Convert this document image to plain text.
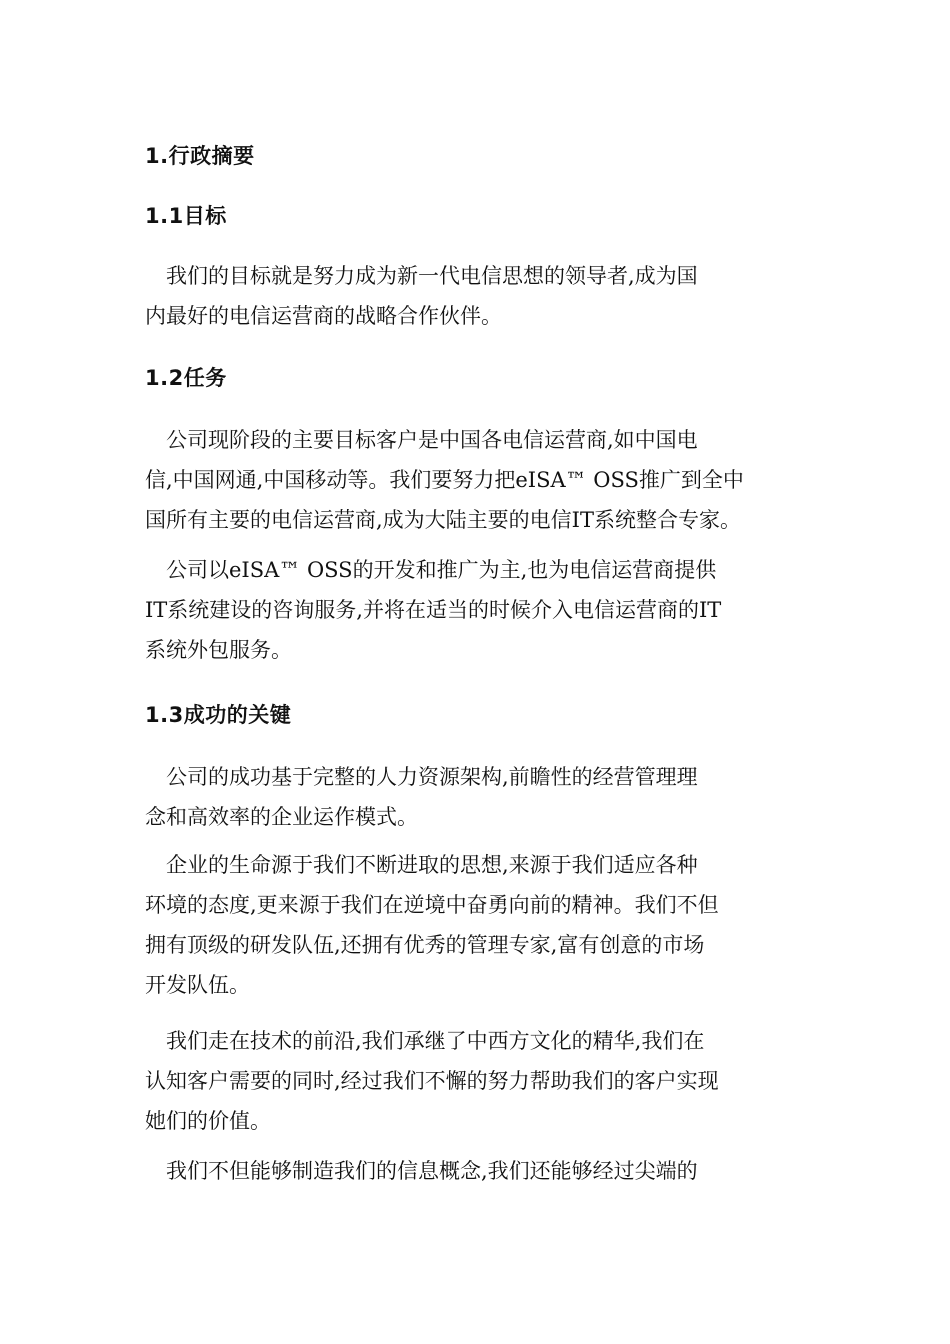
1.行政摘要
1.1目标
　我们的目标就是努力成为新一代电信思想的领导者,成为国
内最好的电信运营商的战略合作伙伴。
1.2任务
　公司现阶段的主要目标客户是中国各电信运营商,如中国电
信,中国网通,中国移动等。我们要努力把eISA™ OSS推广到全中
国所有主要的电信运营商,成为大陆主要的电信IT系统整合专家。
　公司以eISA™ OSS的开发和推广为主,也为电信运营商提供
IT系统建设的咨询服务,并将在适当的时候介入电信运营商的IT
系统外包服务。
1.3成功的关键
　公司的成功基于完整的人力资源架构,前瞻性的经营管理理
念和高效率的企业运作模式。
　企业的生命源于我们不断进取的思想,来源于我们适应各种
环境的态度,更来源于我们在逆境中奋勇向前的精神。我们不但
拥有顶级的研发队伍,还拥有优秀的管理专家,富有创意的市场
开发队伍。
　我们走在技术的前沿,我们承继了中西方文化的精华,我们在
认知客户需要的同时,经过我们不懈的努力帮助我们的客户实现
她们的价值。
　我们不但能够制造我们的信息概念,我们还能够经过尖端的
